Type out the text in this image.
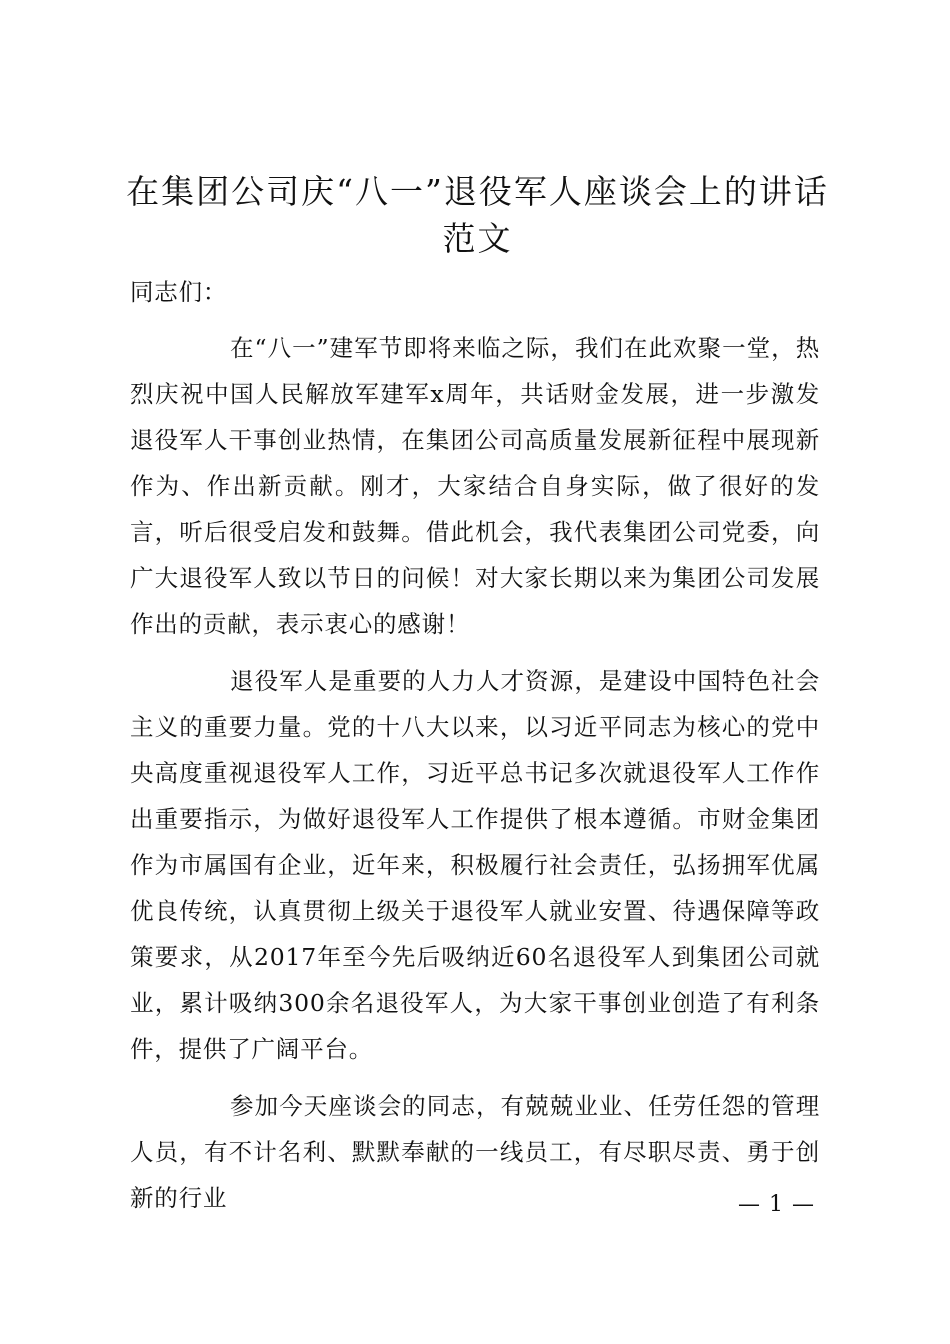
在集团公司庆“八一”退役军人座谈会上的讲话范文

同志们：

在“八一”建军节即将来临之际，我们在此欢聚一堂，热烈庆祝中国人民解放军建军x周年，共话财金发展，进一步激发退役军人干事创业热情，在集团公司高质量发展新征程中展现新作为、作出新贡献。刚才，大家结合自身实际，做了很好的发言，听后很受启发和鼓舞。借此机会，我代表集团公司党委，向广大退役军人致以节日的问候！对大家长期以来为集团公司发展作出的贡献，表示衷心的感谢！

退役军人是重要的人力人才资源，是建设中国特色社会主义的重要力量。党的十八大以来，以习近平同志为核心的党中央高度重视退役军人工作，习近平总书记多次就退役军人工作作出重要指示，为做好退役军人工作提供了根本遵循。市财金集团作为市属国有企业，近年来，积极履行社会责任，弘扬拥军优属优良传统，认真贯彻上级关于退役军人就业安置、待遇保障等政策要求，从2017年至今先后吸纳近60名退役军人到集团公司就业，累计吸纳300余名退役军人，为大家干事创业创造了有利条件，提供了广阔平台。

参加今天座谈会的同志，有兢兢业业、任劳任怨的管理人员，有不计名利、默默奉献的一线员工，有尽职尽责、勇于创新的行业	— 1 —
